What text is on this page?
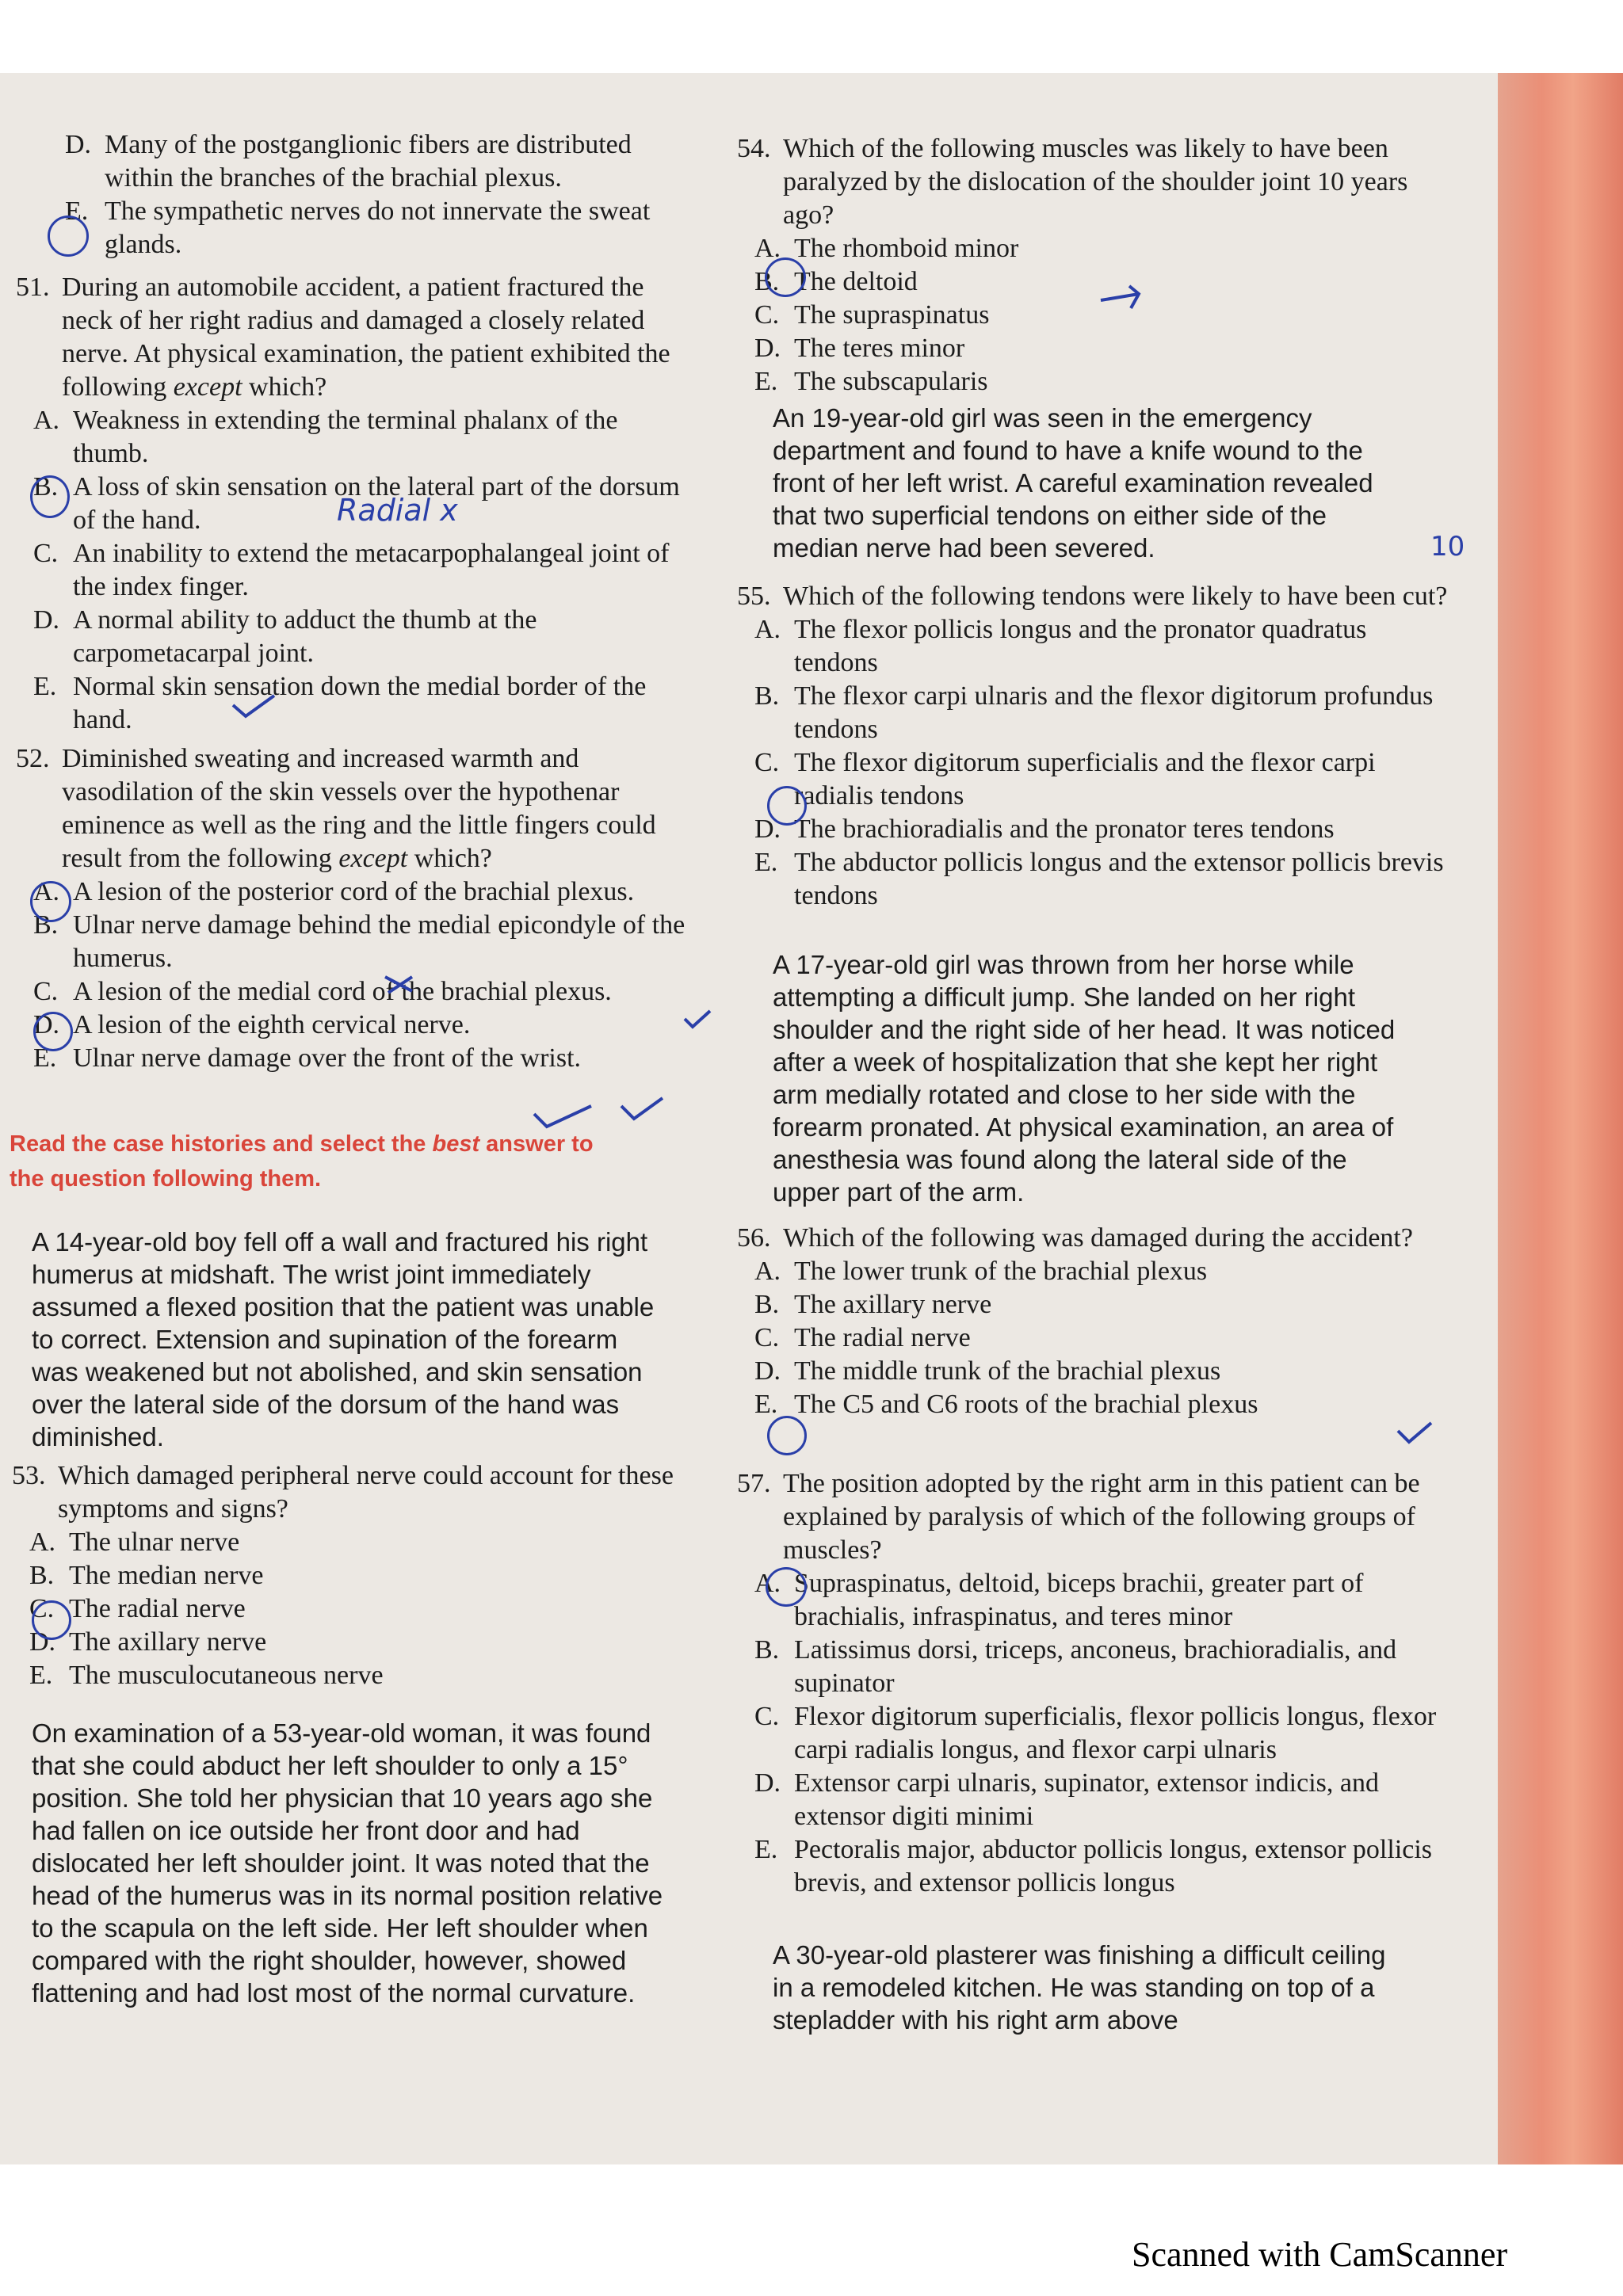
D. Many of the postganglionic fibers are distributed within the branches of the brachial plexus.
E. The sympathetic nerves do not innervate the sweat glands.
51. During an automobile accident, a patient fractured the neck of her right radius and damaged a closely related nerve. At physical examination, the patient exhibited the following except which?
A. Weakness in extending the terminal phalanx of the thumb.
B. A loss of skin sensation on the lateral part of the dorsum of the hand.
C. An inability to extend the metacarpophalangeal joint of the index finger.
D. A normal ability to adduct the thumb at the carpometacarpal joint.
E. Normal skin sensation down the medial border of the hand.
52. Diminished sweating and increased warmth and vasodilation of the skin vessels over the hypothenar eminence as well as the ring and the little fingers could result from the following except which?
A. A lesion of the posterior cord of the brachial plexus.
B. Ulnar nerve damage behind the medial epicondyle of the humerus.
C. A lesion of the medial cord of the brachial plexus.
D. A lesion of the eighth cervical nerve.
E. Ulnar nerve damage over the front of the wrist.
Read the case histories and select the best answer to the question following them.
A 14-year-old boy fell off a wall and fractured his right humerus at midshaft. The wrist joint immediately assumed a flexed position that the patient was unable to correct. Extension and supination of the forearm was weakened but not abolished, and skin sensation over the lateral side of the dorsum of the hand was diminished.
53. Which damaged peripheral nerve could account for these symptoms and signs?
A. The ulnar nerve
B. The median nerve
C. The radial nerve
D. The axillary nerve
E. The musculocutaneous nerve
On examination of a 53-year-old woman, it was found that she could abduct her left shoulder to only a 15° position. She told her physician that 10 years ago she had fallen on ice outside her front door and had dislocated her left shoulder joint. It was noted that the head of the humerus was in its normal position relative to the scapula on the left side. Her left shoulder when compared with the right shoulder, however, showed flattening and had lost most of the normal curvature.
Radial x
54. Which of the following muscles was likely to have been paralyzed by the dislocation of the shoulder joint 10 years ago?
A. The rhomboid minor
B. The deltoid
C. The supraspinatus
D. The teres minor
E. The subscapularis
An 19-year-old girl was seen in the emergency department and found to have a knife wound to the front of her left wrist. A careful examination revealed that two superficial tendons on either side of the median nerve had been severed.
55. Which of the following tendons were likely to have been cut?
A. The flexor pollicis longus and the pronator quadratus tendons
B. The flexor carpi ulnaris and the flexor digitorum profundus tendons
C. The flexor digitorum superficialis and the flexor carpi radialis tendons
D. The brachioradialis and the pronator teres tendons
E. The abductor pollicis longus and the extensor pollicis brevis tendons
A 17-year-old girl was thrown from her horse while attempting a difficult jump. She landed on her right shoulder and the right side of her head. It was noticed after a week of hospitalization that she kept her right arm medially rotated and close to her side with the forearm pronated. At physical examination, an area of anesthesia was found along the lateral side of the upper part of the arm.
56. Which of the following was damaged during the accident?
A. The lower trunk of the brachial plexus
B. The axillary nerve
C. The radial nerve
D. The middle trunk of the brachial plexus
E. The C5 and C6 roots of the brachial plexus
57. The position adopted by the right arm in this patient can be explained by paralysis of which of the following groups of muscles?
A. Supraspinatus, deltoid, biceps brachii, greater part of brachialis, infraspinatus, and teres minor
B. Latissimus dorsi, triceps, anconeus, brachioradialis, and supinator
C. Flexor digitorum superficialis, flexor pollicis longus, flexor carpi radialis longus, and flexor carpi ulnaris
D. Extensor carpi ulnaris, supinator, extensor indicis, and extensor digiti minimi
E. Pectoralis major, abductor pollicis longus, extensor pollicis brevis, and extensor pollicis longus
A 30-year-old plasterer was finishing a difficult ceiling in a remodeled kitchen. He was standing on top of a stepladder with his right arm above
10
Scanned with CamScanner
